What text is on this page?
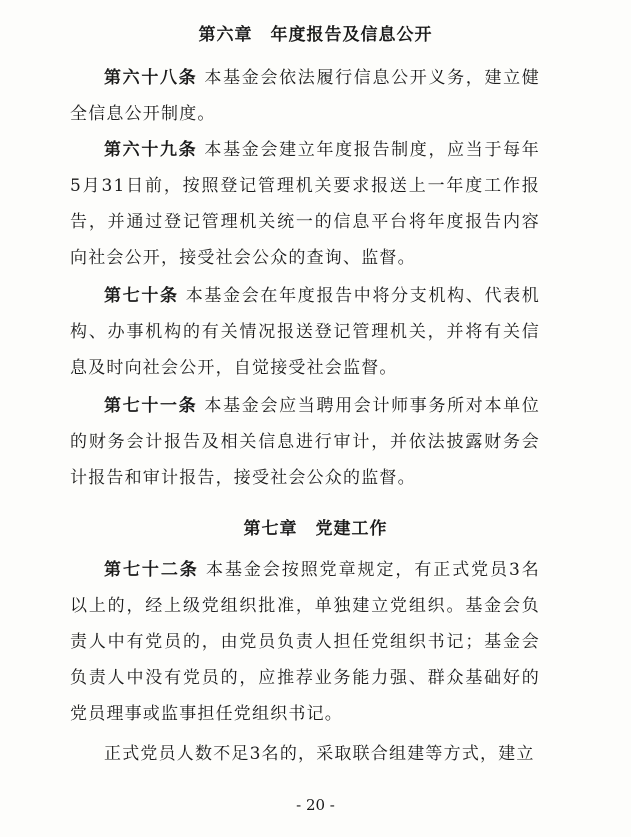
第六章　年度报告及信息公开
第六十八条 本基金会依法履行信息公开义务，建立健全信息公开制度。
第六十九条 本基金会建立年度报告制度，应当于每年5月31日前，按照登记管理机关要求报送上一年度工作报告，并通过登记管理机关统一的信息平台将年度报告内容向社会公开，接受社会公众的查询、监督。
第七十条 本基金会在年度报告中将分支机构、代表机构、办事机构的有关情况报送登记管理机关，并将有关信息及时向社会公开，自觉接受社会监督。
第七十一条 本基金会应当聘用会计师事务所对本单位的财务会计报告及相关信息进行审计，并依法披露财务会计报告和审计报告，接受社会公众的监督。
第七章　党建工作
第七十二条 本基金会按照党章规定，有正式党员3名以上的，经上级党组织批准，单独建立党组织。基金会负责人中有党员的，由党员负责人担任党组织书记；基金会负责人中没有党员的，应推荐业务能力强、群众基础好的党员理事或监事担任党组织书记。
正式党员人数不足3名的，采取联合组建等方式，建立
- 20 -
